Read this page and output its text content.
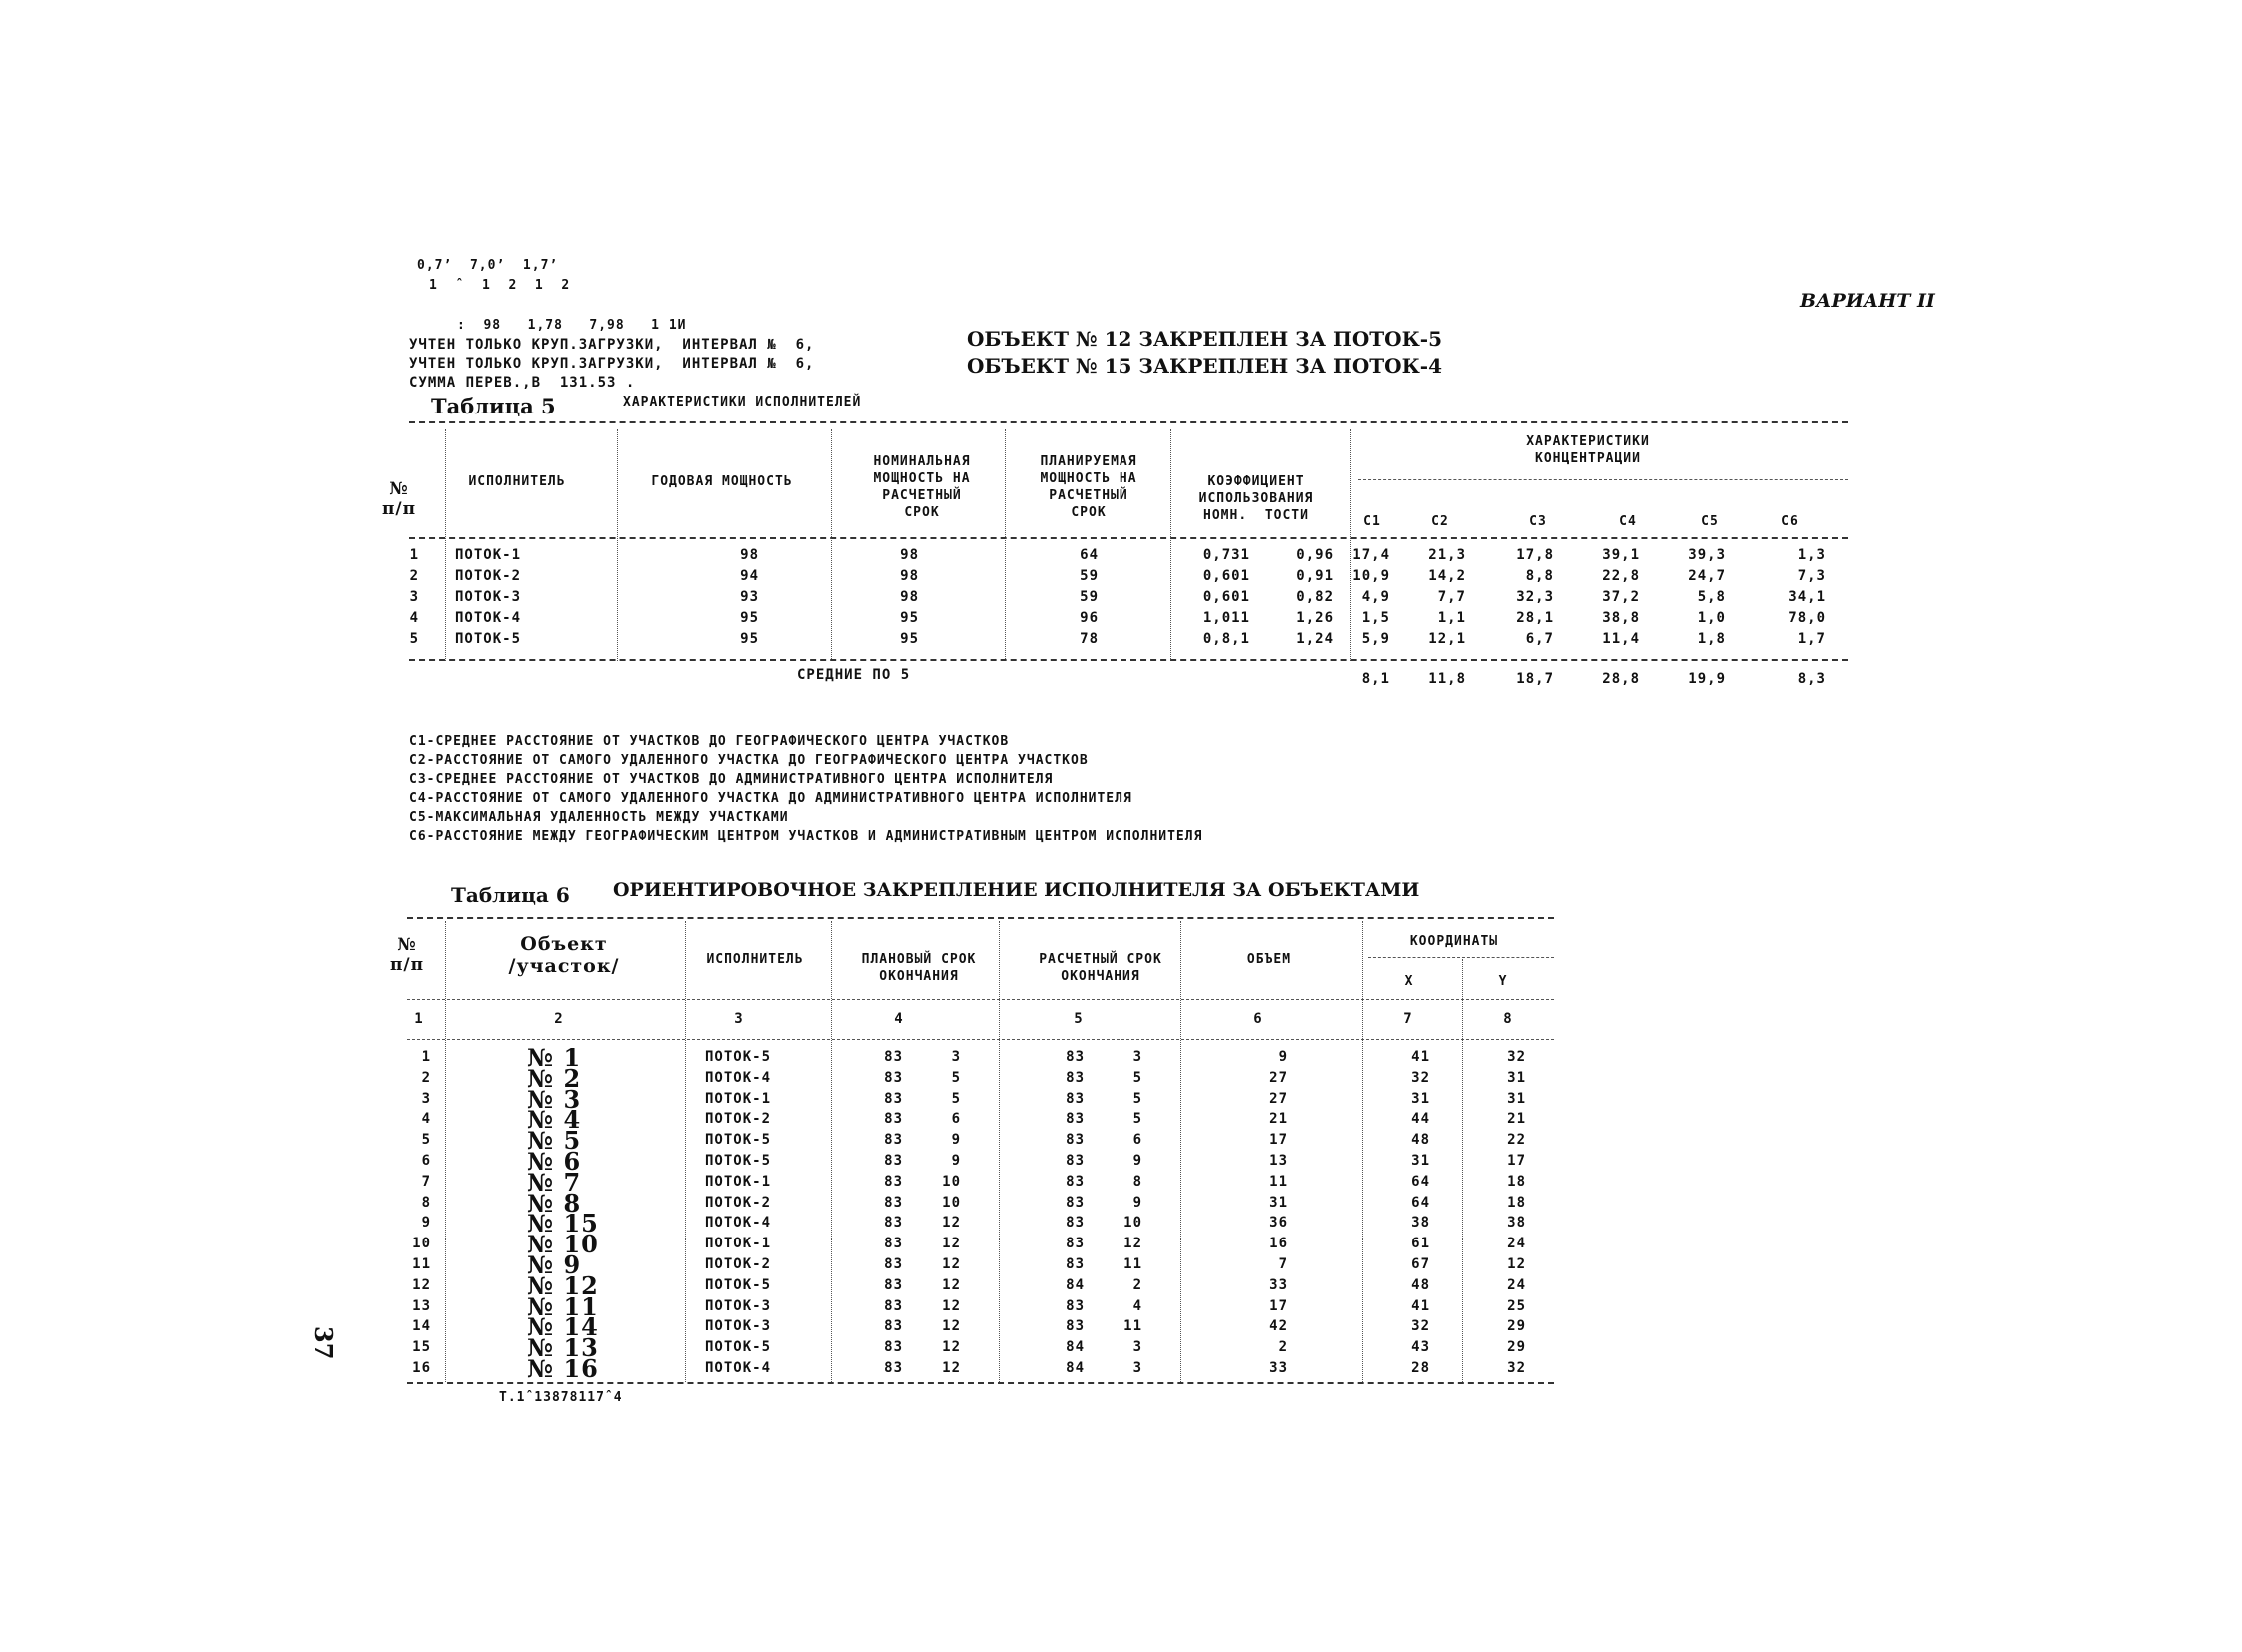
0,7’  7,0’  1,7’
1  ˆ  1  2  1  2
:  98   1,78   7,98   1 1И
УЧТЕН ТОЛЬКО КРУП.ЗАГРУЗКИ,  ИНТЕРВАЛ №  6,
УЧТЕН ТОЛЬКО КРУП.ЗАГРУЗКИ,  ИНТЕРВАЛ №  6,
СУММА ПЕРЕВ.,В  131.53 .
ОБЪЕКТ № 12 ЗАКРЕПЛЕН ЗА ПОТОК-5
ОБЪЕКТ № 15 ЗАКРЕПЛЕН ЗА ПОТОК-4
ВАРИАНТ II
Таблица 5	ХАРАКТЕРИСТИКИ ИСПОЛНИТЕЛЕЙ
№
п/п
ИСПОЛНИТЕЛЬ	ГОДОВАЯ МОЩНОСТЬ
НОМИНАЛЬНАЯ
МОЩНОСТЬ НА
РАСЧЕТНЫЙ
СРОК
ПЛАНИРУЕМАЯ
МОЩНОСТЬ НА
РАСЧЕТНЫЙ
СРОК
КОЭФФИЦИЕНТ
ИСПОЛЬЗОВАНИЯ
НОМН.  ТОСТИ
ХАРАКТЕРИСТИКИ
КОНЦЕНТРАЦИИ
C1	C2	C3	C4	C5	C6
1	ПОТОК-1	98	98	64	0,731	0,96	17,4	21,3	17,8	39,1	39,3	1,3
2	ПОТОК-2	94	98	59	0,601	0,91	10,9	14,2	8,8	22,8	24,7	7,3
3	ПОТОК-3	93	98	59	0,601	0,82	4,9	7,7	32,3	37,2	5,8	34,1
4	ПОТОК-4	95	95	96	1,011	1,26	1,5	1,1	28,1	38,8	1,0	78,0
5	ПОТОК-5	95	95	78	0,8,1	1,24	5,9	12,1	6,7	11,4	1,8	1,7
СРЕДНИЕ ПО 5	8,1	11,8	18,7	28,8	19,9	8,3
C1-СРЕДНЕЕ РАССТОЯНИЕ ОТ УЧАСТКОВ ДО ГЕОГРАФИЧЕСКОГО ЦЕНТРА УЧАСТКОВ
C2-РАССТОЯНИЕ ОТ САМОГО УДАЛЕННОГО УЧАСТКА ДО ГЕОГРАФИЧЕСКОГО ЦЕНТРА УЧАСТКОВ
C3-СРЕДНЕЕ РАССТОЯНИЕ ОТ УЧАСТКОВ ДО АДМИНИСТРАТИВНОГО ЦЕНТРА ИСПОЛНИТЕЛЯ
C4-РАССТОЯНИЕ ОТ САМОГО УДАЛЕННОГО УЧАСТКА ДО АДМИНИСТРАТИВНОГО ЦЕНТРА ИСПОЛНИТЕЛЯ
C5-МАКСИМАЛЬНАЯ УДАЛЕННОСТЬ МЕЖДУ УЧАСТКАМИ
C6-РАССТОЯНИЕ МЕЖДУ ГЕОГРАФИЧЕСКИМ ЦЕНТРОМ УЧАСТКОВ И АДМИНИСТРАТИВНЫМ ЦЕНТРОМ ИСПОЛНИТЕЛЯ
Таблица 6 ОРИЕНТИРОВОЧНОЕ ЗАКРЕПЛЕНИЕ ИСПОЛНИТЕЛЯ ЗА ОБЪЕКТАМИ
№
п/п
Объект
/участок/	ИСПОЛНИТЕЛЬ	ПЛАНОВЫЙ СРОК
ОКОНЧАНИЯ
РАСЧЕТНЫЙ СРОК
ОКОНЧАНИЯ
ОБЪЕМ
КООРДИНАТЫ
X	Y
1	2	3	4	5	6	7	8
1	№ 1	ПОТОК-5	83	3	83	3	9	41	32
2	№ 2	ПОТОК-4	83	5	83	5	27	32	31
3	№ 3	ПОТОК-1	83	5	83	5	27	31	31
4	№ 4	ПОТОК-2	83	6	83	5	21	44	21
5	№ 5	ПОТОК-5	83	9	83	6	17	48	22
6	№ 6	ПОТОК-5	83	9	83	9	13	31	17
7	№ 7	ПОТОК-1	83	10	83	8	11	64	18
8	№ 8	ПОТОК-2	83	10	83	9	31	64	18
9	№ 15	ПОТОК-4	83	12	83	10	36	38	38
10	№ 10	ПОТОК-1	83	12	83	12	16	61	24
11	№ 9	ПОТОК-2	83	12	83	11	7	67	12
12	№ 12	ПОТОК-5	83	12	84	2	33	48	24
13	№ 11	ПОТОК-3	83	12	83	4	17	41	25
14	№ 14	ПОТОК-3	83	12	83	11	42	32	29
15	№ 13	ПОТОК-5	83	12	84	3	2	43	29
16	№ 16	ПОТОК-4	83	12	84	3	33	28	32
Т.1ˆ13878117ˆ4
37
